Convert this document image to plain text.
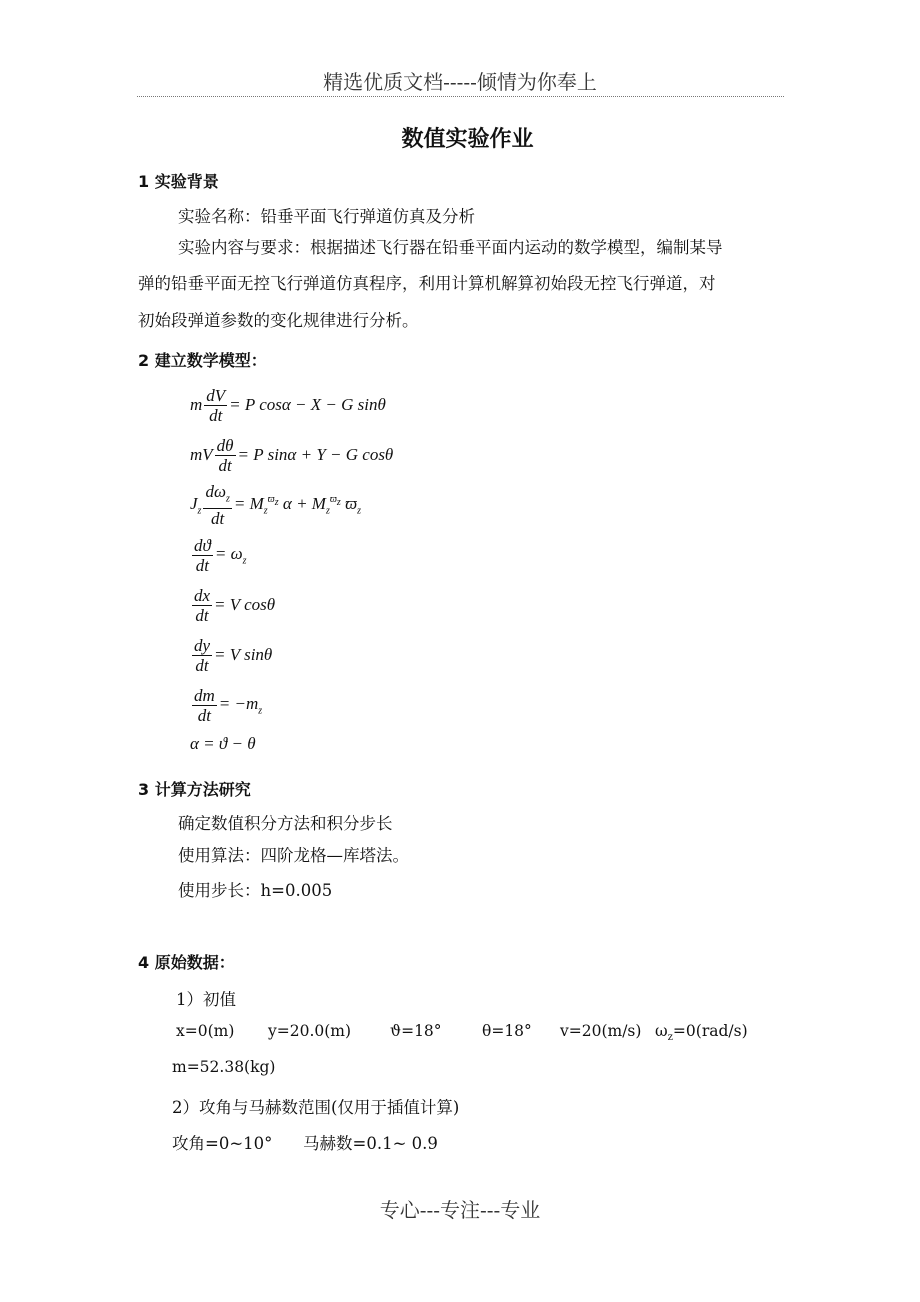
精选优质文档-----倾情为你奉上
数值实验作业
1 实验背景
实验名称：铅垂平面飞行弹道仿真及分析
实验内容与要求：根据描述飞行器在铅垂平面内运动的数学模型，编制某导
弹的铅垂平面无控飞行弹道仿真程序，利用计算机解算初始段无控飞行弹道，对
初始段弹道参数的变化规律进行分析。
2 建立数学模型：
m $\frac{dV}{dt} = P$ cosα − X − G sinθ
mV $\frac{d\theta}{dt} = P$ sinα + Y − G cosθ
$J_z \frac{d\omega_z}{dt} = M_z^{ϖ_z}$ $\alpha + M_z^{ϖ_z}$ $ϖ_z$
$\frac{dϑ}{dt} = \omega_z$
$\frac{dx}{dt} = V$ cosθ
$\frac{dy}{dt} = V$ sinθ
$\frac{dm}{dt} = -m_z$
α = ϑ − θ
3 计算方法研究
确定数值积分方法和积分步长
使用算法：四阶龙格—库塔法。
使用步长：h=0.005
4 原始数据：
1）初值
x=0(m) y=20.0(m)	ϑ=18°	θ=18° v=20(m/s) $\omega_z=0(rad/s)$
m=52.38(kg)
2）攻角与马赫数范围(仅用于插值计算)
攻角=0~10° 马赫数=0.1~ 0.9
专心---专注---专业
